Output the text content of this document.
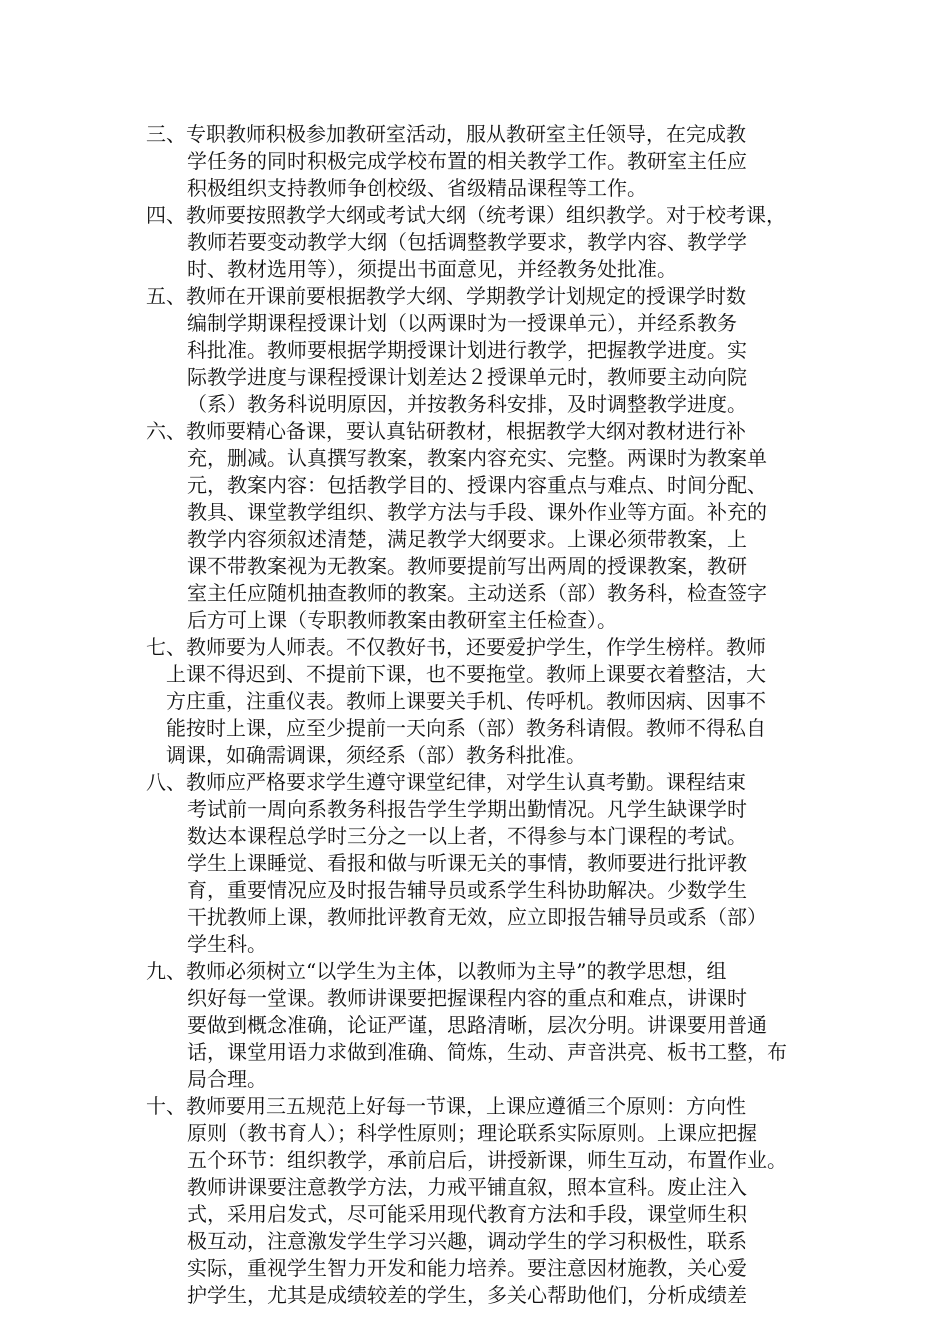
三、专职教师积极参加教研室活动，服从教研室主任领导，在完成教
学任务的同时积极完成学校布置的相关教学工作。教研室主任应
积极组织支持教师争创校级、省级精品课程等工作。
四、教师要按照教学大纲或考试大纲（统考课）组织教学。对于校考课，
教师若要变动教学大纲（包括调整教学要求，教学内容、教学学
时、教材选用等），须提出书面意见，并经教务处批准。
五、教师在开课前要根据教学大纲、学期教学计划规定的授课学时数
编制学期课程授课计划（以两课时为一授课单元），并经系教务
科批准。教师要根据学期授课计划进行教学，把握教学进度。实
际教学进度与课程授课计划差达２授课单元时，教师要主动向院
（系）教务科说明原因，并按教务科安排，及时调整教学进度。
六、教师要精心备课，要认真钻研教材，根据教学大纲对教材进行补
充，删减。认真撰写教案，教案内容充实、完整。两课时为教案单
元，教案内容：包括教学目的、授课内容重点与难点、时间分配、
教具、课堂教学组织、教学方法与手段、课外作业等方面。补充的
教学内容须叙述清楚，满足教学大纲要求。上课必须带教案，上
课不带教案视为无教案。教师要提前写出两周的授课教案，教研
室主任应随机抽查教师的教案。主动送系（部）教务科，检查签字
后方可上课（专职教师教案由教研室主任检查）。
七、教师要为人师表。不仅教好书，还要爱护学生，作学生榜样。教师
上课不得迟到、不提前下课，也不要拖堂。教师上课要衣着整洁，大
方庄重，注重仪表。教师上课要关手机、传呼机。教师因病、因事不
能按时上课，应至少提前一天向系（部）教务科请假。教师不得私自
调课，如确需调课，须经系（部）教务科批准。
八、教师应严格要求学生遵守课堂纪律，对学生认真考勤。课程结束
考试前一周向系教务科报告学生学期出勤情况。凡学生缺课学时
数达本课程总学时三分之一以上者，不得参与本门课程的考试。
学生上课睡觉、看报和做与听课无关的事情，教师要进行批评教
育，重要情况应及时报告辅导员或系学生科协助解决。少数学生
干扰教师上课，教师批评教育无效，应立即报告辅导员或系（部）
学生科。
九、教师必须树立“以学生为主体，以教师为主导”的教学思想，组
织好每一堂课。教师讲课要把握课程内容的重点和难点，讲课时
要做到概念准确，论证严谨，思路清晰，层次分明。讲课要用普通
话，课堂用语力求做到准确、简炼，生动、声音洪亮、板书工整，布
局合理。
十、教师要用三五规范上好每一节课，上课应遵循三个原则：方向性
原则（教书育人）；科学性原则；理论联系实际原则。上课应把握
五个环节：组织教学，承前启后，讲授新课，师生互动，布置作业。
教师讲课要注意教学方法，力戒平铺直叙，照本宣科。废止注入
式，采用启发式，尽可能采用现代教育方法和手段，课堂师生积
极互动，注意激发学生学习兴趣，调动学生的学习积极性，联系
实际，重视学生智力开发和能力培养。要注意因材施教，关心爱
护学生，尤其是成绩较差的学生，多关心帮助他们，分析成绩差
